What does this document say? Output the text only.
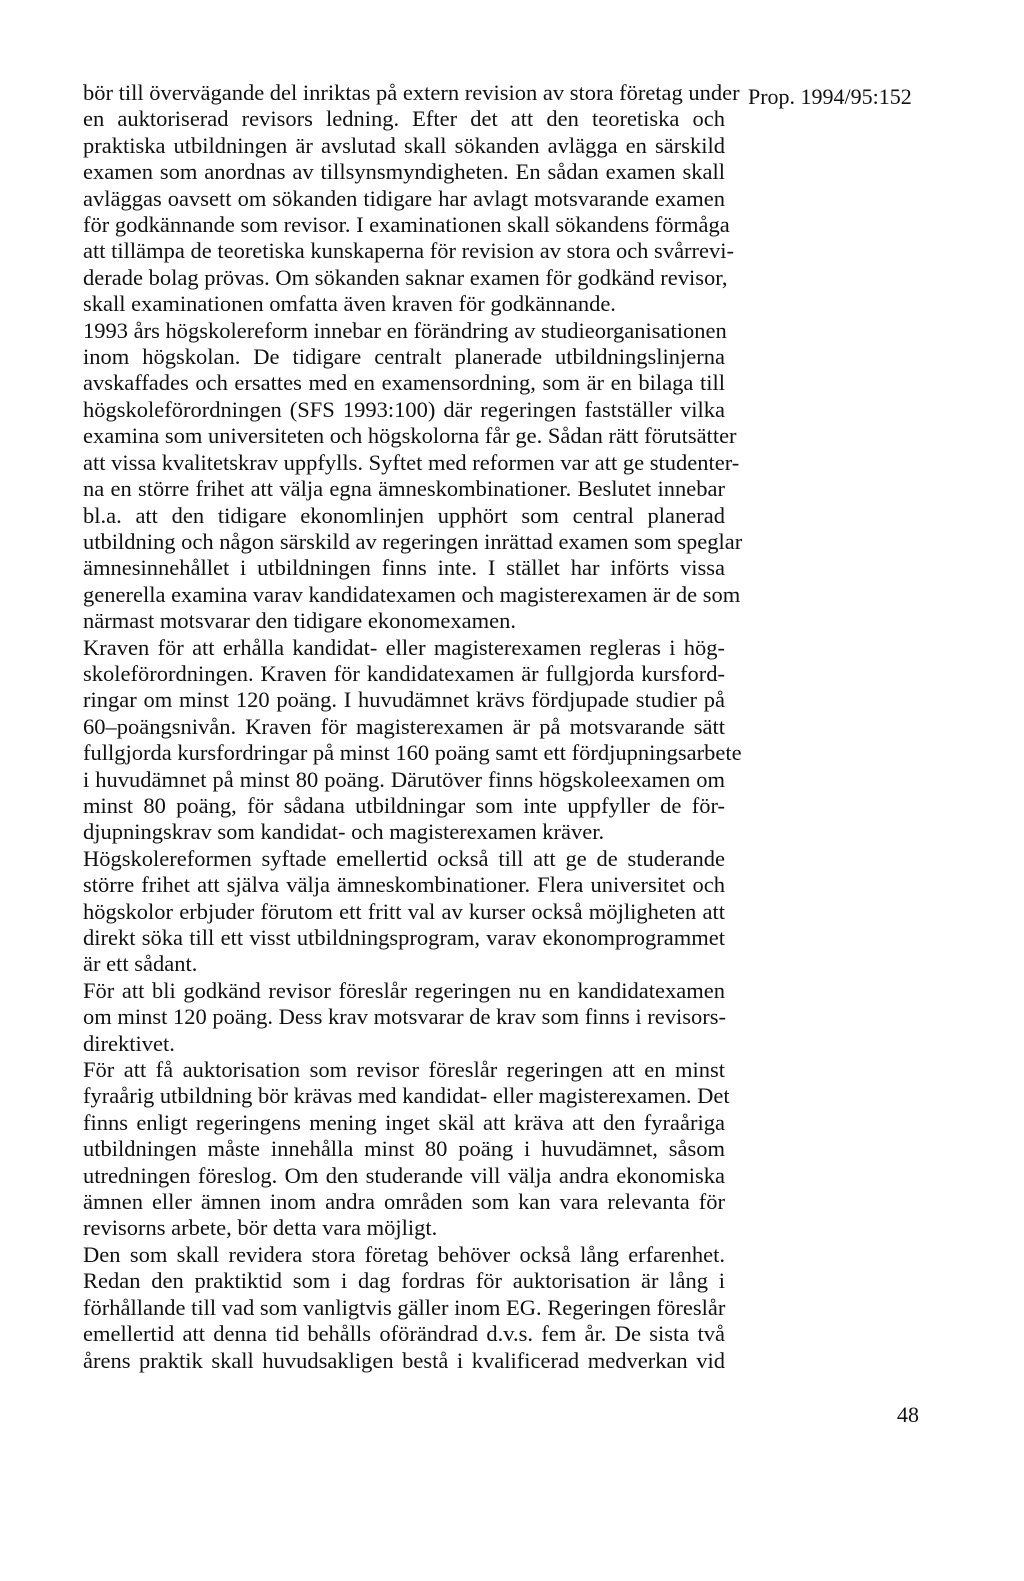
Prop. 1994/95:152
bör till övervägande del inriktas på extern revision av stora företag under
en auktoriserad revisors ledning. Efter det att den teoretiska och
praktiska utbildningen är avslutad skall sökanden avlägga en särskild
examen som anordnas av tillsynsmyndigheten. En sådan examen skall
avläggas oavsett om sökanden tidigare har avlagt motsvarande examen
för godkännande som revisor. I examinationen skall sökandens förmåga
att tillämpa de teoretiska kunskaperna för revision av stora och svårrevi-
derade bolag prövas. Om sökanden saknar examen för godkänd revisor,
skall examinationen omfatta även kraven för godkännande.
1993 års högskolereform innebar en förändring av studieorganisationen
inom högskolan. De tidigare centralt planerade utbildningslinjerna
avskaffades och ersattes med en examensordning, som är en bilaga till
högskoleförordningen (SFS 1993:100) där regeringen fastställer vilka
examina som universiteten och högskolorna får ge. Sådan rätt förutsätter
att vissa kvalitetskrav uppfylls. Syftet med reformen var att ge studenter-
na en större frihet att välja egna ämneskombinationer. Beslutet innebar
bl.a. att den tidigare ekonomlinjen upphört som central planerad
utbildning och någon särskild av regeringen inrättad examen som speglar
ämnesinnehållet i utbildningen finns inte. I stället har införts vissa
generella examina varav kandidatexamen och magisterexamen är de som
närmast motsvarar den tidigare ekonomexamen.
Kraven för att erhålla kandidat- eller magisterexamen regleras i hög-
skoleförordningen. Kraven för kandidatexamen är fullgjorda kursford-
ringar om minst 120 poäng. I huvudämnet krävs fördjupade studier på
60–poängsnivån. Kraven för magisterexamen är på motsvarande sätt
fullgjorda kursfordringar på minst 160 poäng samt ett fördjupningsarbete
i huvudämnet på minst 80 poäng. Därutöver finns högskoleexamen om
minst 80 poäng, för sådana utbildningar som inte uppfyller de för-
djupningskrav som kandidat- och magisterexamen kräver.
Högskolereformen syftade emellertid också till att ge de studerande
större frihet att själva välja ämneskombinationer. Flera universitet och
högskolor erbjuder förutom ett fritt val av kurser också möjligheten att
direkt söka till ett visst utbildningsprogram, varav ekonomprogrammet
är ett sådant.
För att bli godkänd revisor föreslår regeringen nu en kandidatexamen
om minst 120 poäng. Dess krav motsvarar de krav som finns i revisors-
direktivet.
För att få auktorisation som revisor föreslår regeringen att en minst
fyraårig utbildning bör krävas med kandidat- eller magisterexamen. Det
finns enligt regeringens mening inget skäl att kräva att den fyraåriga
utbildningen måste innehålla minst 80 poäng i huvudämnet, såsom
utredningen föreslog. Om den studerande vill välja andra ekonomiska
ämnen eller ämnen inom andra områden som kan vara relevanta för
revisorns arbete, bör detta vara möjligt.
Den som skall revidera stora företag behöver också lång erfarenhet.
Redan den praktiktid som i dag fordras för auktorisation är lång i
förhållande till vad som vanligtvis gäller inom EG. Regeringen föreslår
emellertid att denna tid behålls oförändrad d.v.s. fem år. De sista två
årens praktik skall huvudsakligen bestå i kvalificerad medverkan vid
48
